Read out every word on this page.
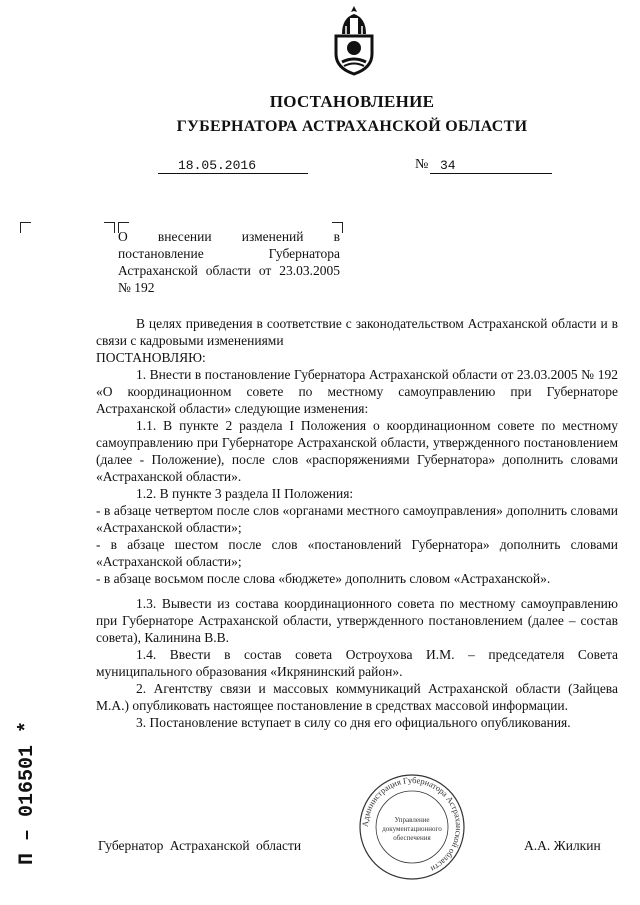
ПОСТАНОВЛЕНИЕ
ГУБЕРНАТОРА АСТРАХАНСКОЙ ОБЛАСТИ
18.05.2016	№ 34
О внесении изменений в постановление Губернатора Астраханской области от 23.03.2005 № 192

В целях приведения в соответствие с законодательством Астраханской области и в связи с кадровыми изменениями

ПОСТАНОВЛЯЮ:

1. Внести в постановление Губернатора Астраханской области от 23.03.2005 № 192 «О координационном совете по местному самоуправлению при Губернаторе Астраханской области» следующие изменения:

1.1. В пункте 2 раздела I Положения о координационном совете по местному самоуправлению при Губернаторе Астраханской области, утвержденного постановлением (далее - Положение), после слов «распоряжениями Губернатора» дополнить словами «Астраханской области».

1.2. В пункте 3 раздела II Положения:

- в абзаце четвертом после слов «органами местного самоуправления» дополнить словами «Астраханской области»;

- в абзаце шестом после слов «постановлений Губернатора» дополнить словами «Астраханской области»;

- в абзаце восьмом после слова «бюджете» дополнить словом «Астраханской».

1.3. Вывести из состава координационного совета по местному самоуправлению при Губернаторе Астраханской области, утвержденного постановлением (далее – состав совета), Калинина В.В.

1.4. Ввести в состав совета Остроухова И.М. – председателя Совета муниципального образования «Икрянинский район».

2. Агентству связи и массовых коммуникаций Астраханской области (Зайцева М.А.) опубликовать настоящее постановление в средствах массовой информации.

3. Постановление вступает в силу со дня его официального опубликования.

Администрация Губернатора Астраханской области
Управление
документационного
обеспечения
Губернатор Астраханской области	А.А. Жилкин
П – 016501 *
